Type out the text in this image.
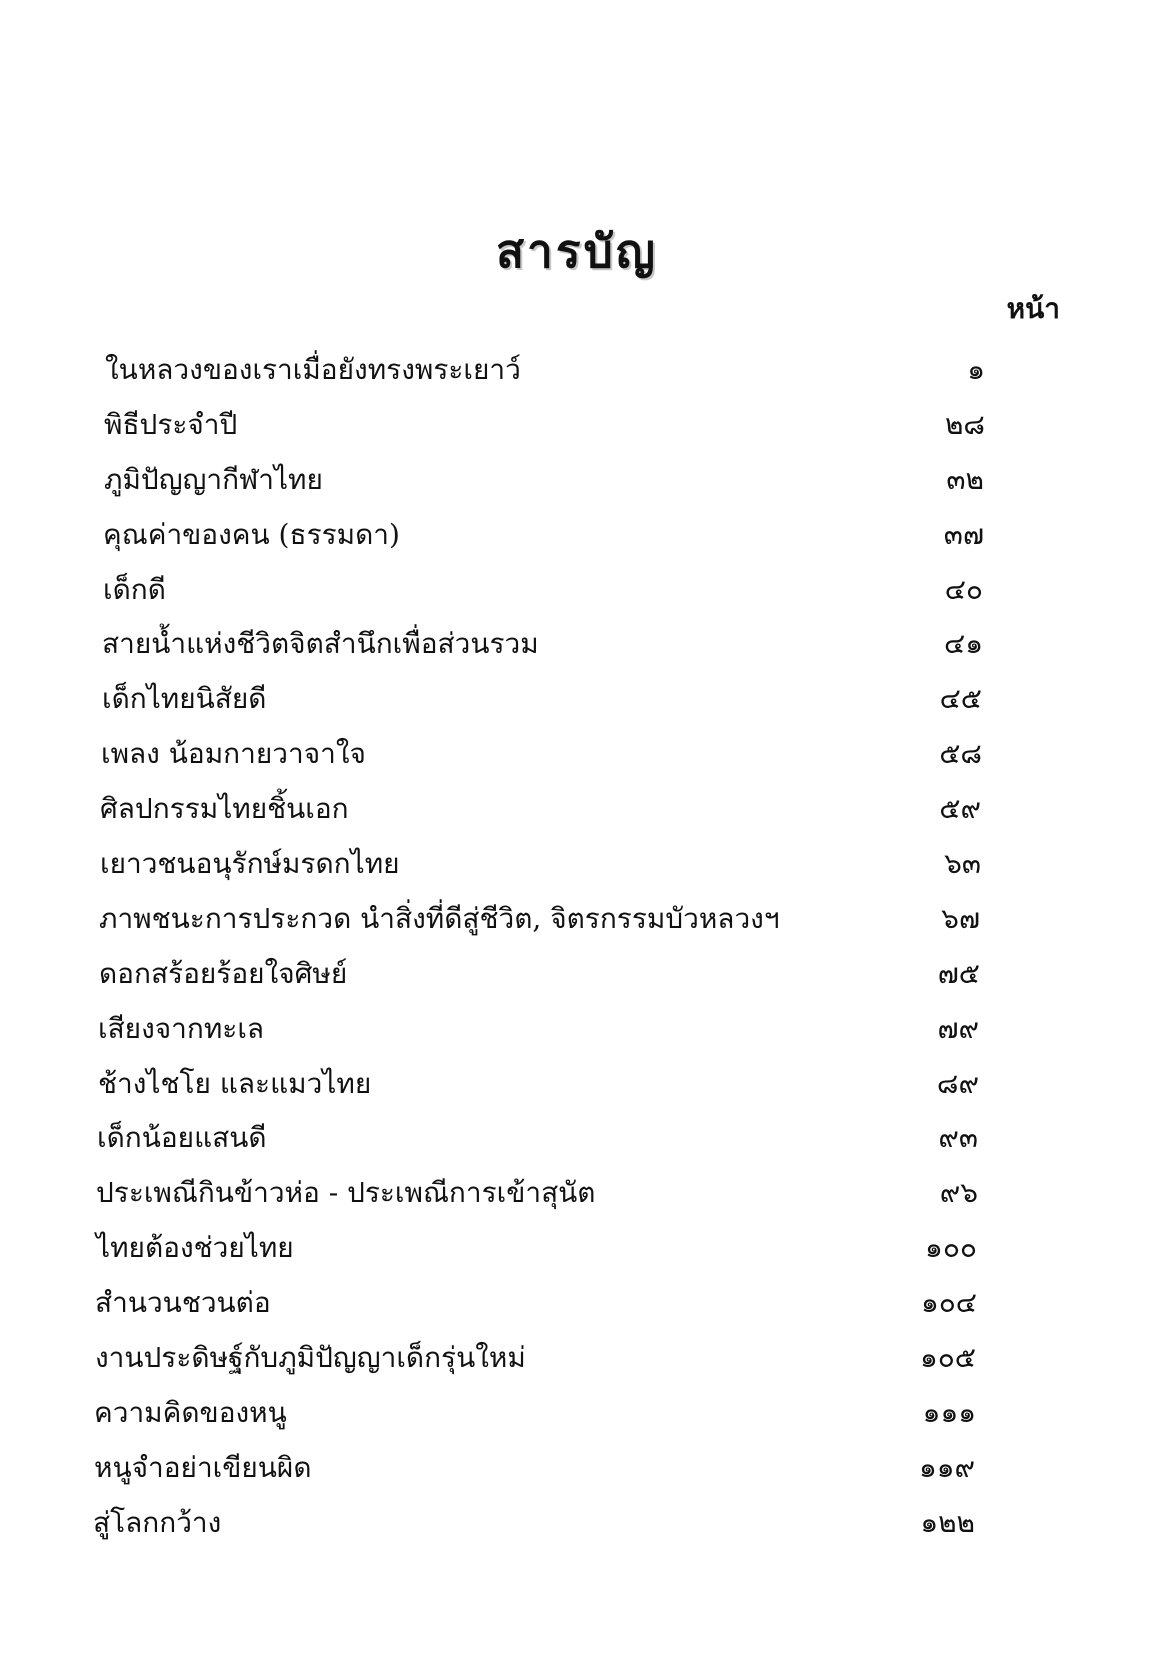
สารบัญ
หน้า
ในหลวงของเราเมื่อยังทรงพระเยาว์	๑
พิธีประจำปี	๒๘
ภูมิปัญญากีฬาไทย	๓๒
คุณค่าของคน (ธรรมดา)	๓๗
เด็กดี	๔๐
สายน้ำแห่งชีวิตจิตสำนึกเพื่อส่วนรวม	๔๑
เด็กไทยนิสัยดี	๔๕
เพลง น้อมกายวาจาใจ	๕๘
ศิลปกรรมไทยชิ้นเอก	๕๙
เยาวชนอนุรักษ์มรดกไทย	๖๓
ภาพชนะการประกวด นำสิ่งที่ดีสู่ชีวิต, จิตรกรรมบัวหลวงฯ	๖๗
ดอกสร้อยร้อยใจศิษย์	๗๕
เสียงจากทะเล	๗๙
ช้างไชโย และแมวไทย	๘๙
เด็กน้อยแสนดี	๙๓
ประเพณีกินข้าวห่อ - ประเพณีการเข้าสุนัต	๙๖
ไทยต้องช่วยไทย	๑๐๐
สำนวนชวนต่อ	๑๐๔
งานประดิษฐ์กับภูมิปัญญาเด็กรุ่นใหม่	๑๐๕
ความคิดของหนู	๑๑๑
หนูจำอย่าเขียนผิด	๑๑๙
สู่โลกกว้าง	๑๒๒
